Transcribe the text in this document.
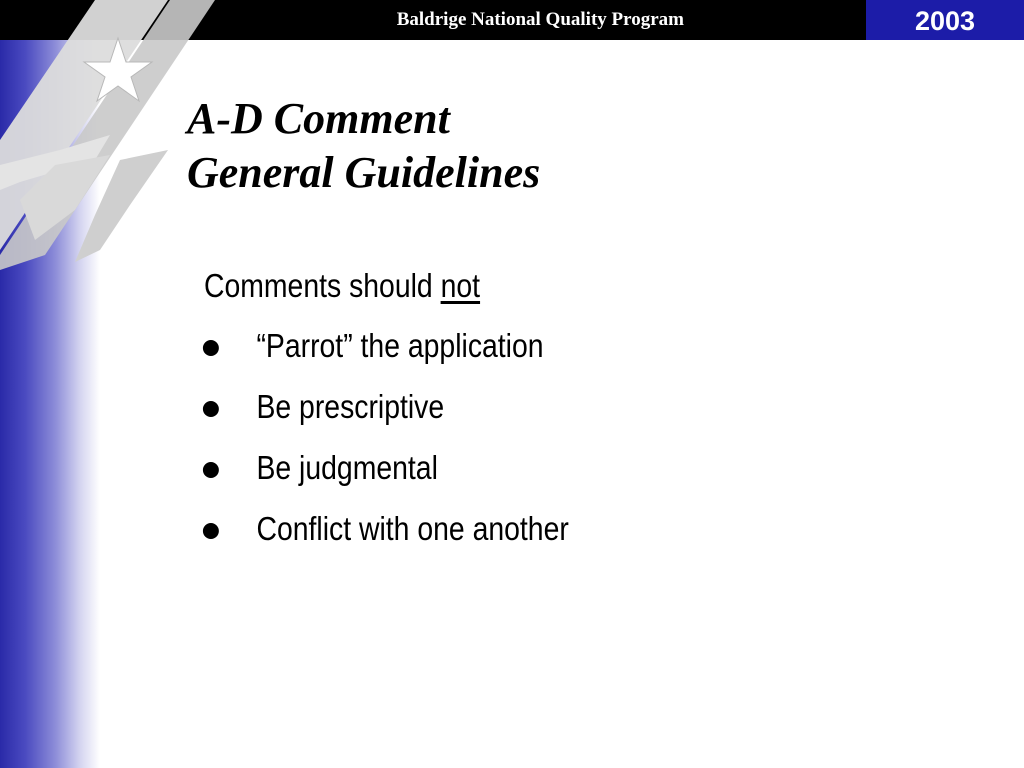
Baldrige National Quality Program	2003
A-D Comment
General Guidelines
Comments should not
“Parrot” the application
Be prescriptive
Be judgmental
Conflict with one another
